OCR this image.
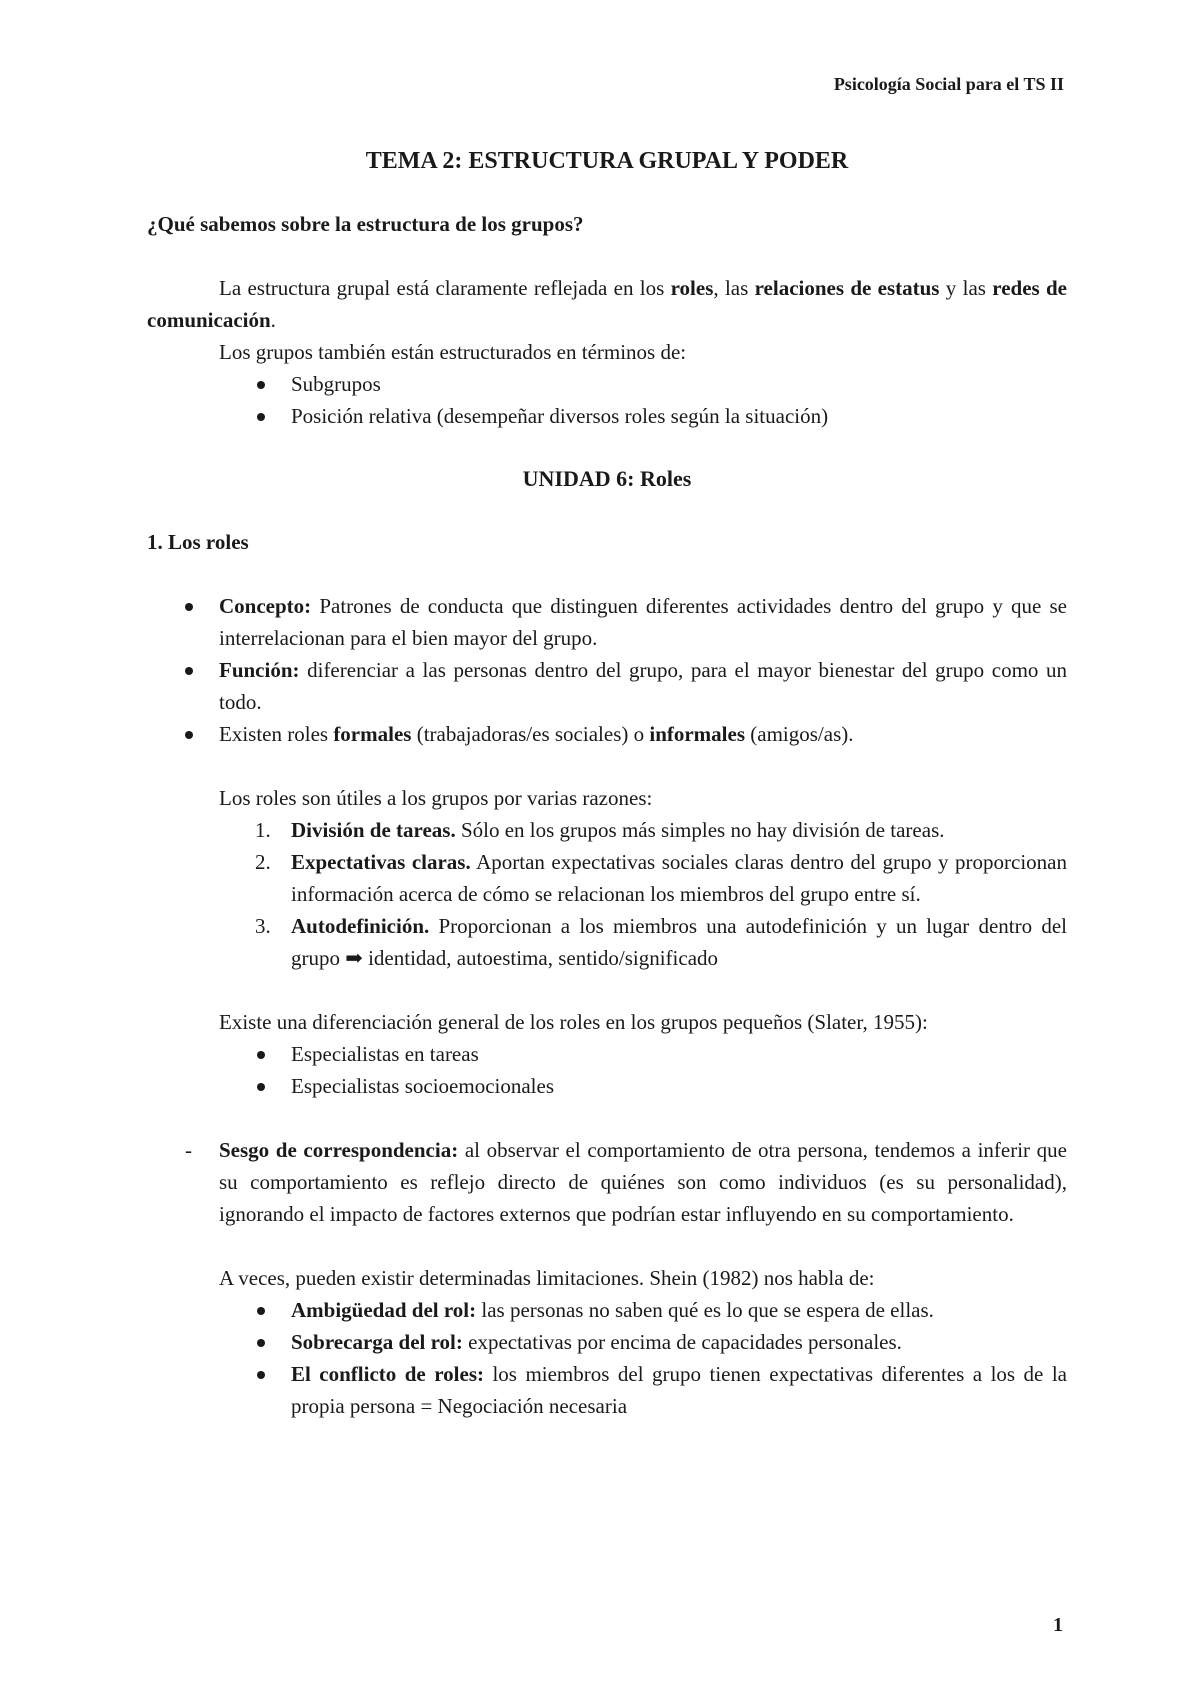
Psicología Social para el TS II
TEMA 2: ESTRUCTURA GRUPAL Y PODER
¿Qué sabemos sobre la estructura de los grupos?

La estructura grupal está claramente reflejada en los roles, las relaciones de estatus y las redes de comunicación.

Los grupos también están estructurados en términos de:

Subgrupos
Posición relativa (desempeñar diversos roles según la situación)
UNIDAD 6: Roles
1. Los roles
Concepto: Patrones de conducta que distinguen diferentes actividades dentro del grupo y que se interrelacionan para el bien mayor del grupo.
Función: diferenciar a las personas dentro del grupo, para el mayor bienestar del grupo como un todo.
Existen roles formales (trabajadoras/es sociales) o informales (amigos/as).

Los roles son útiles a los grupos por varias razones:

1. División de tareas. Sólo en los grupos más simples no hay división de tareas.
2. Expectativas claras. Aportan expectativas sociales claras dentro del grupo y proporcionan información acerca de cómo se relacionan los miembros del grupo entre sí.
3. Autodefinición. Proporcionan a los miembros una autodefinición y un lugar dentro del grupo ➡ identidad, autoestima, sentido/significado

Existe una diferenciación general de los roles en los grupos pequeños (Slater, 1955):

Especialistas en tareas
Especialistas socioemocionales

- Sesgo de correspondencia: al observar el comportamiento de otra persona, tendemos a inferir que su comportamiento es reflejo directo de quiénes son como individuos (es su personalidad), ignorando el impacto de factores externos que podrían estar influyendo en su comportamiento.

A veces, pueden existir determinadas limitaciones. Shein (1982) nos habla de:

Ambigüedad del rol: las personas no saben qué es lo que se espera de ellas.
Sobrecarga del rol: expectativas por encima de capacidades personales.
El conflicto de roles: los miembros del grupo tienen expectativas diferentes a los de la propia persona = Negociación necesaria
1
